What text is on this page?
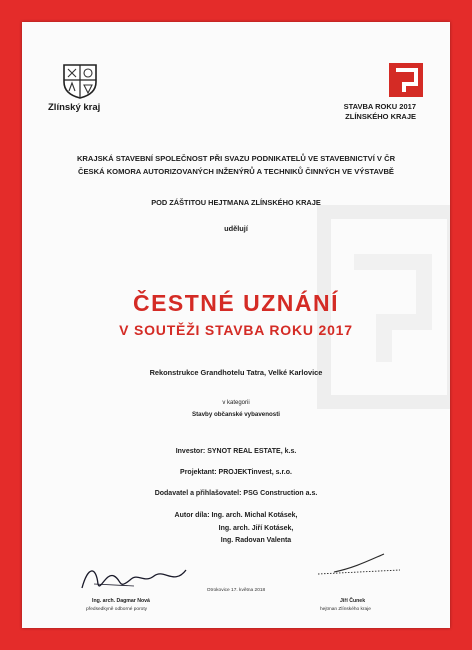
Zlínský kraj	STAVBA ROKU 2017
ZLÍNSKÉHO KRAJE
KRAJSKÁ STAVEBNÍ SPOLEČNOST PŘI SVAZU PODNIKATELŮ VE STAVEBNICTVÍ V ČR
ČESKÁ KOMORA AUTORIZOVANÝCH INŽENÝRŮ A TECHNIKŮ ČINNÝCH VE VÝSTAVBĚ
POD ZÁŠTITOU HEJTMANA ZLÍNSKÉHO KRAJE
udělují
ČESTNÉ UZNÁNÍ
V SOUTĚŽI STAVBA ROKU 2017
Rekonstrukce Grandhotelu Tatra, Velké Karlovice
v kategorii
Stavby občanské vybavenosti
Investor: SYNOT REAL ESTATE, k.s.
Projektant: PROJEKTinvest, s.r.o.
Dodavatel a přihlašovatel: PSG Construction a.s.
Autor díla: Ing. arch. Michal Kotásek,
Ing. arch. Jiří Kotásek,
Ing. Radovan Valenta
Ing. arch. Dagmar Nová
předsedkyně odborné poroty
Otrokovice 17. května 2018
Jiří Čunek
hejtman Zlínského kraje
